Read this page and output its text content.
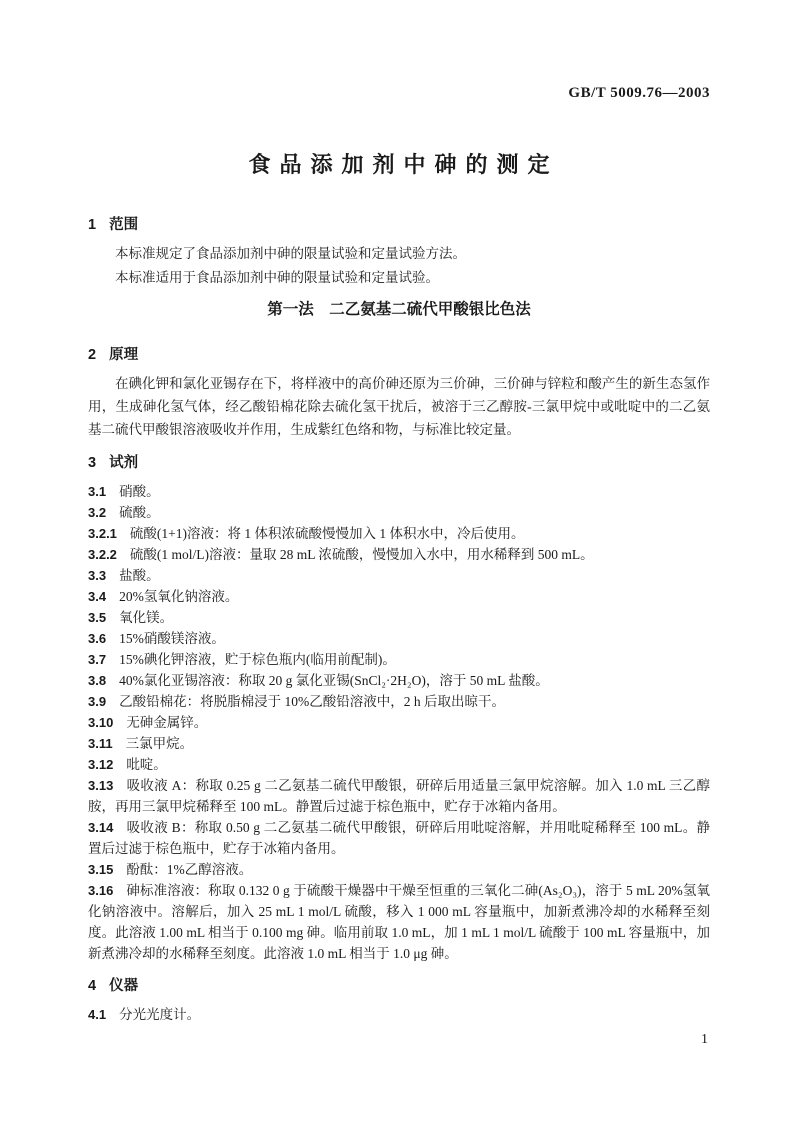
GB/T 5009.76—2003
食品添加剂中砷的测定
1 范围

本标准规定了食品添加剂中砷的限量试验和定量试验方法。

本标准适用于食品添加剂中砷的限量试验和定量试验。

第一法　二乙氨基二硫代甲酸银比色法
2 原理

在碘化钾和氯化亚锡存在下，将样液中的高价砷还原为三价砷，三价砷与锌粒和酸产生的新生态氢作用，生成砷化氢气体，经乙酸铅棉花除去硫化氢干扰后，被溶于三乙醇胺-三氯甲烷中或吡啶中的二乙氨基二硫代甲酸银溶液吸收并作用，生成紫红色络和物，与标准比较定量。

3 试剂

3.1 硝酸。

3.2 硫酸。

3.2.1 硫酸(1+1)溶液：将 1 体积浓硫酸慢慢加入 1 体积水中，冷后使用。

3.2.2 硫酸(1 mol/L)溶液：量取 28 mL 浓硫酸，慢慢加入水中，用水稀释到 500 mL。

3.3 盐酸。

3.4 20%氢氧化钠溶液。

3.5 氧化镁。

3.6 15%硝酸镁溶液。

3.7 15%碘化钾溶液，贮于棕色瓶内(临用前配制)。

3.8 40%氯化亚锡溶液：称取 20 g 氯化亚锡(SnCl₂·2H₂O)，溶于 50 mL 盐酸。

3.9 乙酸铅棉花：将脱脂棉浸于 10%乙酸铅溶液中，2 h 后取出晾干。

3.10 无砷金属锌。

3.11 三氯甲烷。

3.12 吡啶。

3.13 吸收液 A：称取 0.25 g 二乙氨基二硫代甲酸银，研碎后用适量三氯甲烷溶解。加入 1.0 mL 三乙醇胺，再用三氯甲烷稀释至 100 mL。静置后过滤于棕色瓶中，贮存于冰箱内备用。

3.14 吸收液 B：称取 0.50 g 二乙氨基二硫代甲酸银，研碎后用吡啶溶解，并用吡啶稀释至 100 mL。静置后过滤于棕色瓶中，贮存于冰箱内备用。

3.15 酚酞：1%乙醇溶液。

3.16 砷标准溶液：称取 0.132 0 g 于硫酸干燥器中干燥至恒重的三氧化二砷(As₂O₃)，溶于 5 mL 20%氢氧化钠溶液中。溶解后，加入 25 mL 1 mol/L 硫酸，移入 1 000 mL 容量瓶中，加新煮沸冷却的水稀释至刻度。此溶液 1.00 mL 相当于 0.100 mg 砷。临用前取 1.0 mL，加 1 mL 1 mol/L 硫酸于 100 mL 容量瓶中，加新煮沸冷却的水稀释至刻度。此溶液 1.0 mL 相当于 1.0 μg 砷。

4 仪器

4.1 分光光度计。

1
